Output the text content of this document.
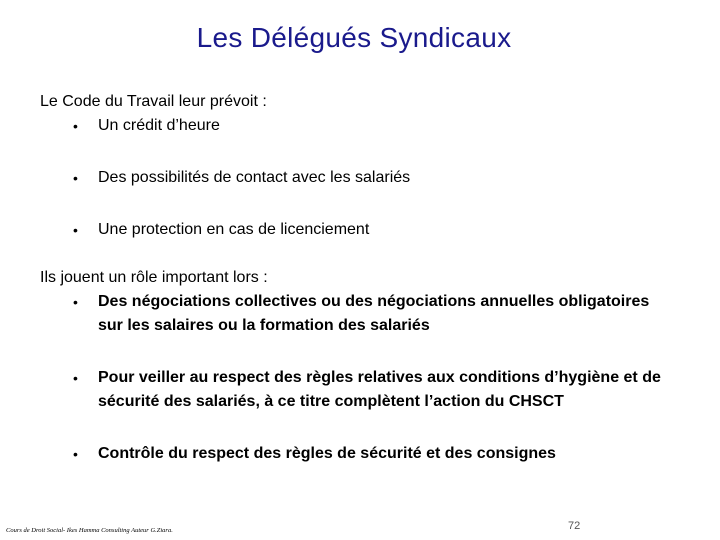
Les Délégués Syndicaux

Le Code du Travail leur prévoit :

• Un crédit d’heure
• Des possibilités de contact avec les salariés
• Une protection en cas de licenciement

Ils jouent un rôle important lors :

• Des négociations collectives ou des négociations annuelles obligatoires sur les salaires ou la formation des salariés
• Pour veiller au respect des règles relatives aux conditions d’hygiène et de sécurité des salariés, à ce titre complètent l’action du CHSCT
• Contrôle du respect des règles de sécurité et des consignes
Cours de Droit Social- Ikes Hamma Consulting Auteur G.Ziara.	72
